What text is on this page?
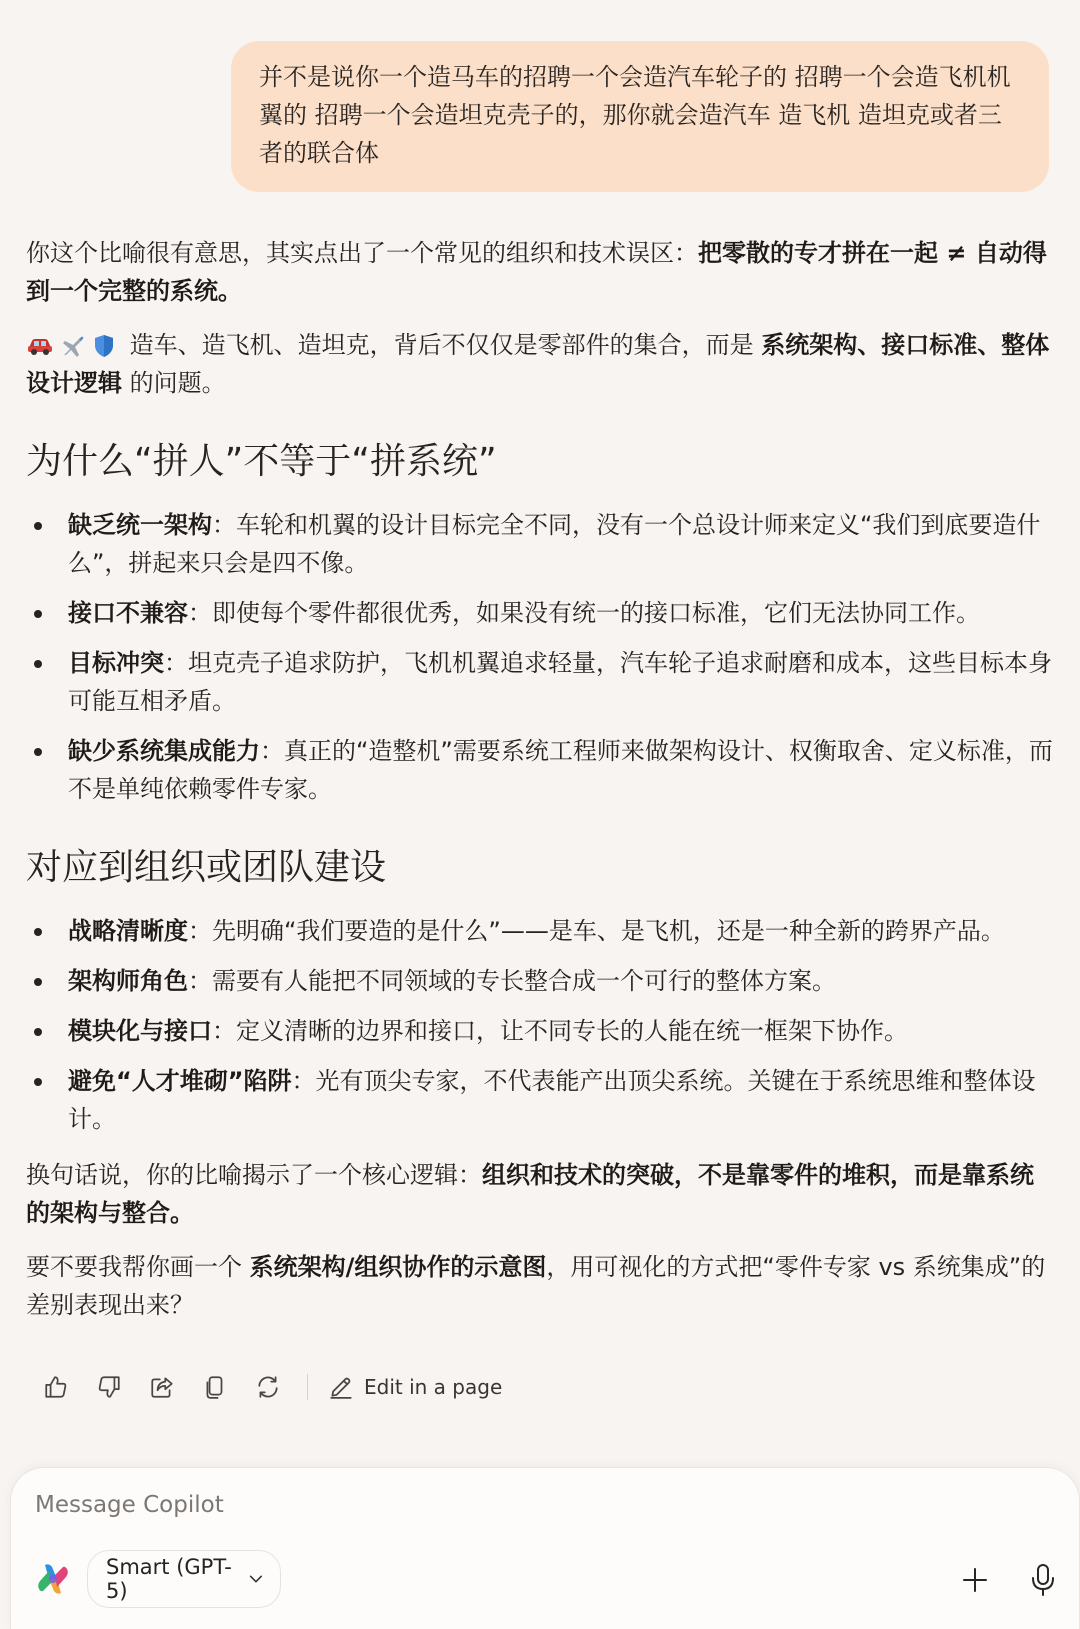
并不是说你一个造马车的招聘一个会造汽车轮子的 招聘一个会造飞机机翼的 招聘一个会造坦克壳子的，那你就会造汽车 造飞机 造坦克或者三者的联合体

你这个比喻很有意思，其实点出了一个常见的组织和技术误区：把零散的专才拼在一起 ≠ 自动得到一个完整的系统。

造车、造飞机、造坦克，背后不仅仅是零部件的集合，而是 系统架构、接口标准、整体设计逻辑 的问题。

为什么“拼人”不等于“拼系统”
缺乏统一架构：车轮和机翼的设计目标完全不同，没有一个总设计师来定义“我们到底要造什么”，拼起来只会是四不像。
接口不兼容：即使每个零件都很优秀，如果没有统一的接口标准，它们无法协同工作。
目标冲突：坦克壳子追求防护，飞机机翼追求轻量，汽车轮子追求耐磨和成本，这些目标本身可能互相矛盾。
缺少系统集成能力：真正的“造整机”需要系统工程师来做架构设计、权衡取舍、定义标准，而不是单纯依赖零件专家。
对应到组织或团队建设
战略清晰度：先明确“我们要造的是什么”——是车、是飞机，还是一种全新的跨界产品。
架构师角色：需要有人能把不同领域的专长整合成一个可行的整体方案。
模块化与接口：定义清晰的边界和接口，让不同专长的人能在统一框架下协作。
避免“人才堆砌”陷阱：光有顶尖专家，不代表能产出顶尖系统。关键在于系统思维和整体设计。

换句话说，你的比喻揭示了一个核心逻辑：组织和技术的突破，不是靠零件的堆积，而是靠系统的架构与整合。

要不要我帮你画一个 系统架构/组织协作的示意图，用可视化的方式把“零件专家 vs 系统集成”的差别表现出来？

Edit in a page
Message Copilot
Smart (GPT-5)
